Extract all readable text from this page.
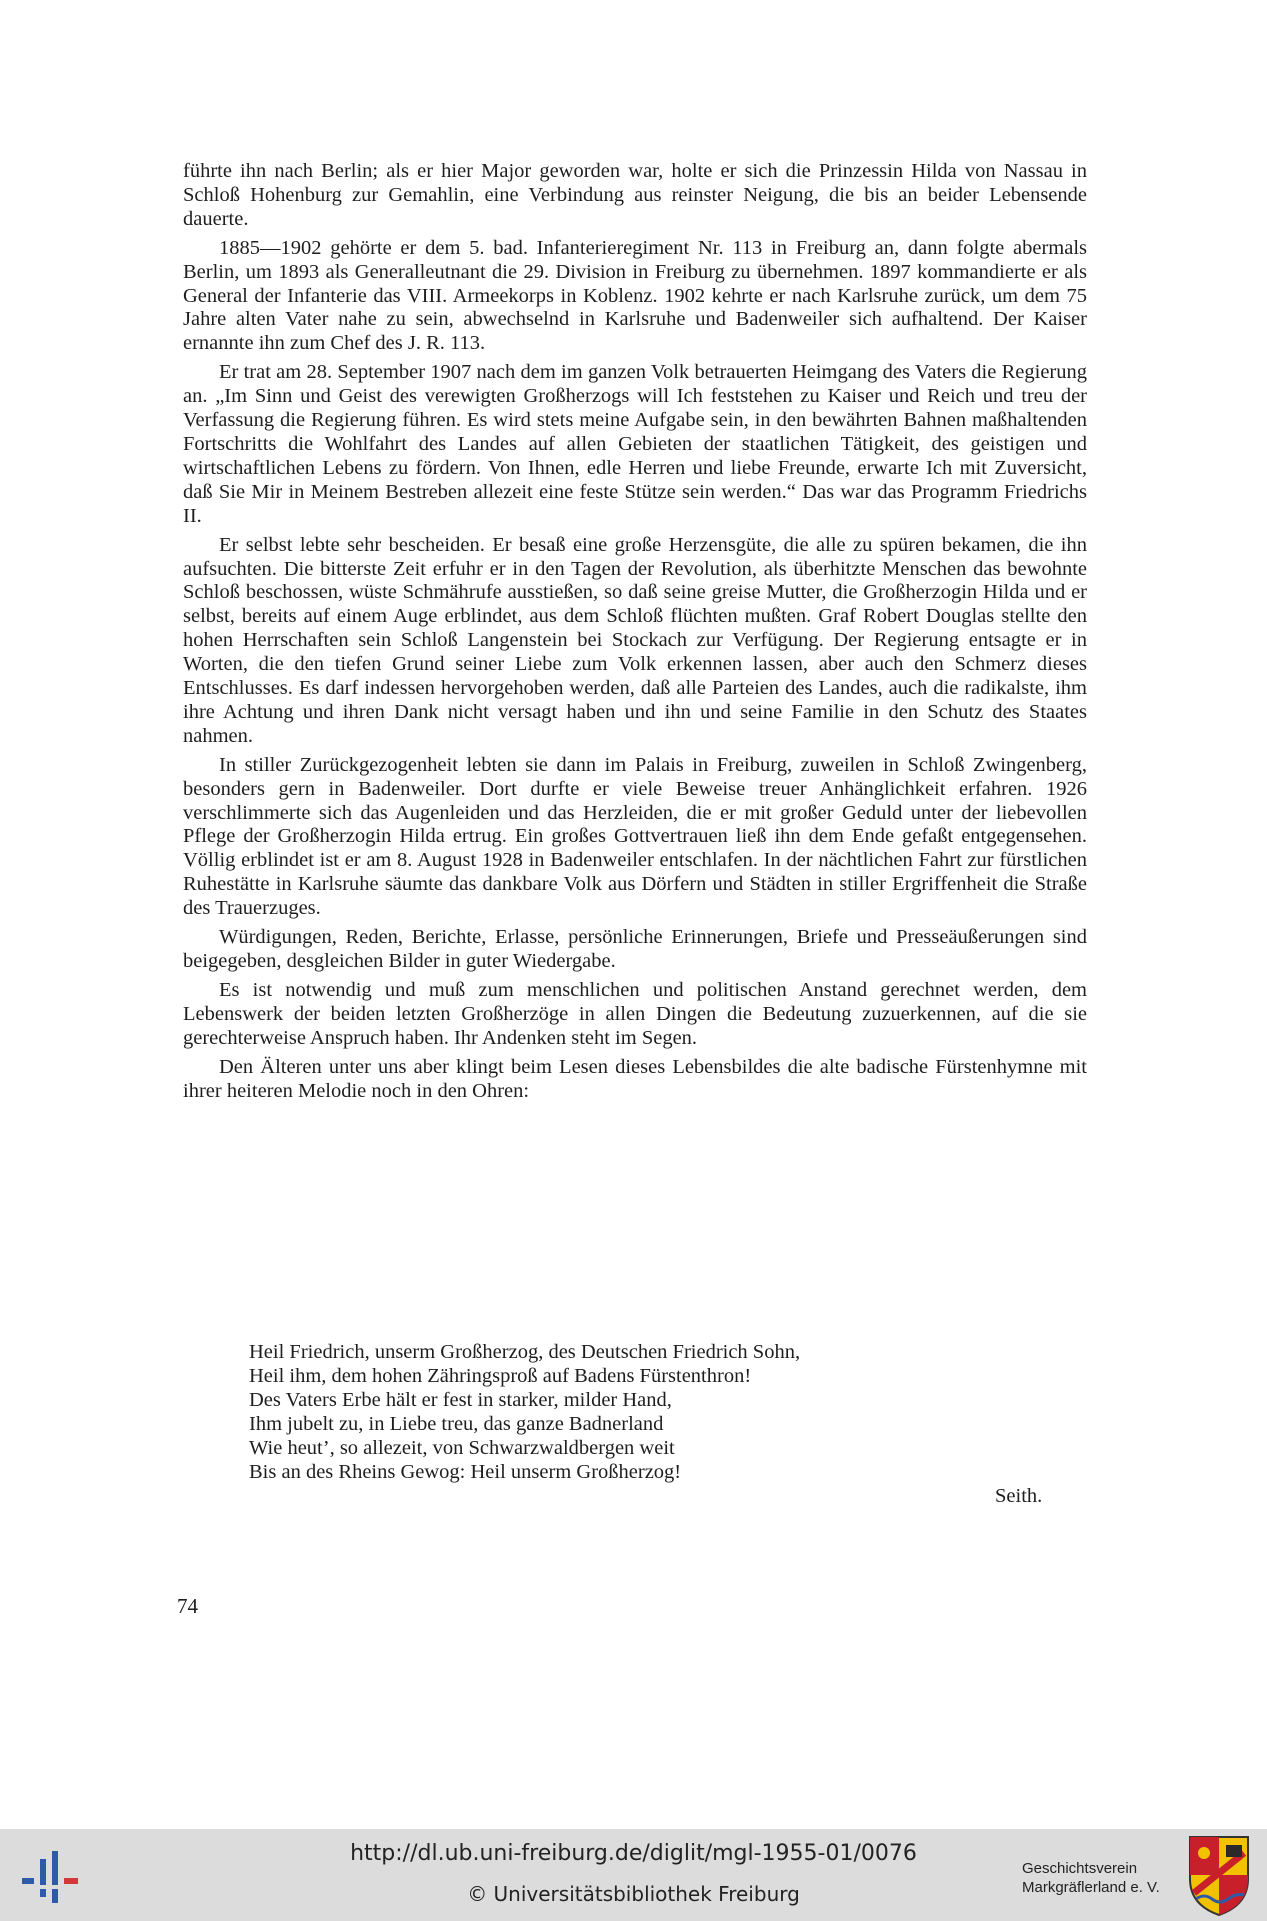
führte ihn nach Berlin; als er hier Major geworden war, holte er sich die Prinzessin Hilda von Nassau in Schloß Hohenburg zur Gemahlin, eine Verbindung aus reinster Neigung, die bis an beider Lebensende dauerte.

1885—1902 gehörte er dem 5. bad. Infanterieregiment Nr. 113 in Freiburg an, dann folgte abermals Berlin, um 1893 als Generalleutnant die 29. Division in Freiburg zu übernehmen. 1897 kommandierte er als General der Infanterie das VIII. Armeekorps in Koblenz. 1902 kehrte er nach Karlsruhe zurück, um dem 75 Jahre alten Vater nahe zu sein, abwechselnd in Karlsruhe und Badenweiler sich aufhaltend. Der Kaiser ernannte ihn zum Chef des J. R. 113.

Er trat am 28. September 1907 nach dem im ganzen Volk betrauerten Heimgang des Vaters die Regierung an. „Im Sinn und Geist des verewigten Großherzogs will Ich feststehen zu Kaiser und Reich und treu der Verfassung die Regierung führen. Es wird stets meine Aufgabe sein, in den bewährten Bahnen maßhaltenden Fortschritts die Wohlfahrt des Landes auf allen Gebieten der staatlichen Tätigkeit, des geistigen und wirtschaftlichen Lebens zu fördern. Von Ihnen, edle Herren und liebe Freunde, erwarte Ich mit Zuversicht, daß Sie Mir in Meinem Bestreben allezeit eine feste Stütze sein werden.“ Das war das Programm Friedrichs II.

Er selbst lebte sehr bescheiden. Er besaß eine große Herzensgüte, die alle zu spüren bekamen, die ihn aufsuchten. Die bitterste Zeit erfuhr er in den Tagen der Revolution, als überhitzte Menschen das bewohnte Schloß beschossen, wüste Schmährufe ausstießen, so daß seine greise Mutter, die Großherzogin Hilda und er selbst, bereits auf einem Auge erblindet, aus dem Schloß flüchten mußten. Graf Robert Douglas stellte den hohen Herrschaften sein Schloß Langenstein bei Stockach zur Verfügung. Der Regierung entsagte er in Worten, die den tiefen Grund seiner Liebe zum Volk erkennen lassen, aber auch den Schmerz dieses Entschlusses. Es darf indessen hervorgehoben werden, daß alle Parteien des Landes, auch die radikalste, ihm ihre Achtung und ihren Dank nicht versagt haben und ihn und seine Familie in den Schutz des Staates nahmen.

In stiller Zurückgezogenheit lebten sie dann im Palais in Freiburg, zuweilen in Schloß Zwingenberg, besonders gern in Badenweiler. Dort durfte er viele Beweise treuer Anhänglichkeit erfahren. 1926 verschlimmerte sich das Augenleiden und das Herzleiden, die er mit großer Geduld unter der liebevollen Pflege der Großherzogin Hilda ertrug. Ein großes Gottvertrauen ließ ihn dem Ende gefaßt entgegensehen. Völlig erblindet ist er am 8. August 1928 in Badenweiler entschlafen. In der nächtlichen Fahrt zur fürstlichen Ruhestätte in Karlsruhe säumte das dankbare Volk aus Dörfern und Städten in stiller Ergriffenheit die Straße des Trauerzuges.

Würdigungen, Reden, Berichte, Erlasse, persönliche Erinnerungen, Briefe und Presseäußerungen sind beigegeben, desgleichen Bilder in guter Wiedergabe.

Es ist notwendig und muß zum menschlichen und politischen Anstand gerechnet werden, dem Lebenswerk der beiden letzten Großherzöge in allen Dingen die Bedeutung zuzuerkennen, auf die sie gerechterweise Anspruch haben. Ihr Andenken steht im Segen.

Den Älteren unter uns aber klingt beim Lesen dieses Lebensbildes die alte badische Fürstenhymne mit ihrer heiteren Melodie noch in den Ohren:

Heil Friedrich, unserm Großherzog, des Deutschen Friedrich Sohn,
Heil ihm, dem hohen Zähringsproß auf Badens Fürstenthron!
Des Vaters Erbe hält er fest in starker, milder Hand,
Ihm jubelt zu, in Liebe treu, das ganze Badnerland
Wie heut’, so allezeit, von Schwarzwaldbergen weit
Bis an des Rheins Gewog: Heil unserm Großherzog!
Seith.
74
http://dl.ub.uni-freiburg.de/diglit/mgl-1955-01/0076
© Universitätsbibliothek Freiburg
Geschichtsverein
Markgräflerland e. V.
